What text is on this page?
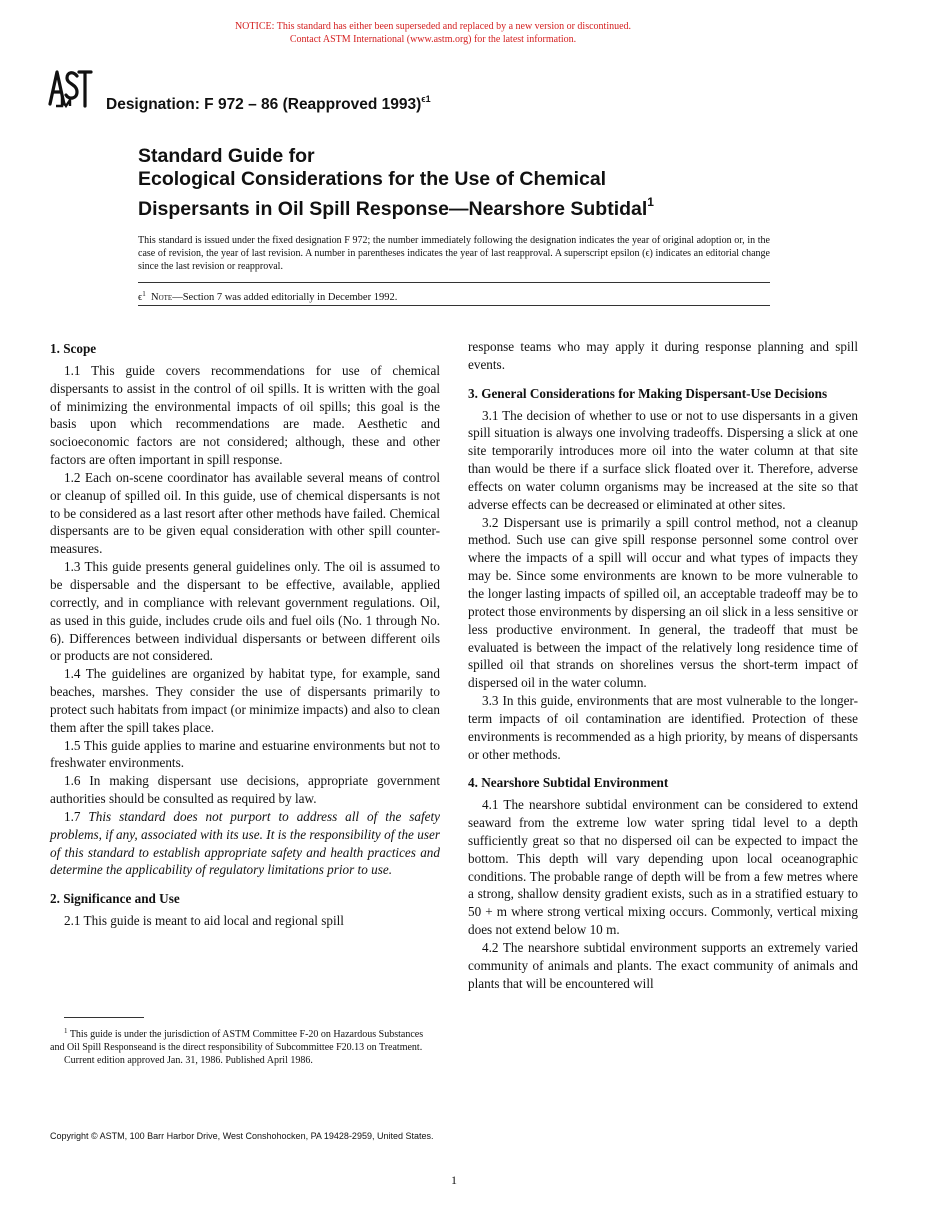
NOTICE: This standard has either been superseded and replaced by a new version or discontinued.
Contact ASTM International (www.astm.org) for the latest information.
ASTM
Designation: F 972 – 86 (Reapproved 1993)$^{\epsilon 1}$
Standard Guide for
Ecological Considerations for the Use of Chemical
Dispersants in Oil Spill Response—Nearshore Subtidal$^1$
This standard is issued under the fixed designation F 972; the number immediately following the designation indicates the year of original adoption or, in the case of revision, the year of last revision. A number in parentheses indicates the year of last reapproval. A superscript epsilon (ϵ) indicates an editorial change since the last revision or reapproval.
$\epsilon^1$ Note—Section 7 was added editorially in December 1992.
1. Scope

1.1 This guide covers recommendations for use of chemical dispersants to assist in the control of oil spills. It is written with the goal of minimizing the environmental impacts of oil spills; this goal is the basis upon which recommendations are made. Aesthetic and socioeconomic factors are not considered; although, these and other factors are often important in spill response.

1.2 Each on-scene coordinator has available several means of control or cleanup of spilled oil. In this guide, use of chemical dispersants is not to be considered as a last resort after other methods have failed. Chemical dispersants are to be given equal consideration with other spill counter-measures.

1.3 This guide presents general guidelines only. The oil is assumed to be dispersable and the dispersant to be effective, available, applied correctly, and in compliance with relevant government regulations. Oil, as used in this guide, includes crude oils and fuel oils (No. 1 through No. 6). Differences between individual dispersants or between different oils or products are not considered.

1.4 The guidelines are organized by habitat type, for example, sand beaches, marshes. They consider the use of dispersants primarily to protect such habitats from impact (or minimize impacts) and also to clean them after the spill takes place.

1.5 This guide applies to marine and estuarine environments but not to freshwater environments.

1.6 In making dispersant use decisions, appropriate government authorities should be consulted as required by law.

1.7 This standard does not purport to address all of the safety problems, if any, associated with its use. It is the responsibility of the user of this standard to establish appropriate safety and health practices and determine the applicability of regulatory limitations prior to use.

2. Significance and Use

2.1 This guide is meant to aid local and regional spill

$^1$ This guide is under the jurisdiction of ASTM Committee F-20 on Hazardous Substances and Oil Spill Responseand is the direct responsibility of Subcommittee F20.13 on Treatment.

Current edition approved Jan. 31, 1986. Published April 1986.

response teams who may apply it during response planning and spill events.

3. General Considerations for Making Dispersant-Use Decisions

3.1 The decision of whether to use or not to use dispersants in a given spill situation is always one involving tradeoffs. Dispersing a slick at one site temporarily introduces more oil into the water column at that site than would be there if a surface slick floated over it. Therefore, adverse effects on water column organisms may be increased at the site so that adverse effects can be decreased or eliminated at other sites.

3.2 Dispersant use is primarily a spill control method, not a cleanup method. Such use can give spill response personnel some control over where the impacts of a spill will occur and what types of impacts they may be. Since some environments are known to be more vulnerable to the longer lasting impacts of spilled oil, an acceptable tradeoff may be to protect those environments by dispersing an oil slick in a less sensitive or less productive environment. In general, the tradeoff that must be evaluated is between the impact of the relatively long residence time of spilled oil that strands on shorelines versus the short-term impact of dispersed oil in the water column.

3.3 In this guide, environments that are most vulnerable to the longer-term impacts of oil contamination are identified. Protection of these environments is recommended as a high priority, by means of dispersants or other methods.

4. Nearshore Subtidal Environment

4.1 The nearshore subtidal environment can be considered to extend seaward from the extreme low water spring tidal level to a depth sufficiently great so that no dispersed oil can be expected to impact the bottom. This depth will vary depending upon local oceanographic conditions. The probable range of depth will be from a few metres where a strong, shallow density gradient exists, such as in a stratified estuary to 50 + m where strong vertical mixing occurs. Commonly, vertical mixing does not extend below 10 m.

4.2 The nearshore subtidal environment supports an extremely varied community of animals and plants. The exact community of animals and plants that will be encountered will

Copyright © ASTM, 100 Barr Harbor Drive, West Conshohocken, PA 19428-2959, United States.
1
